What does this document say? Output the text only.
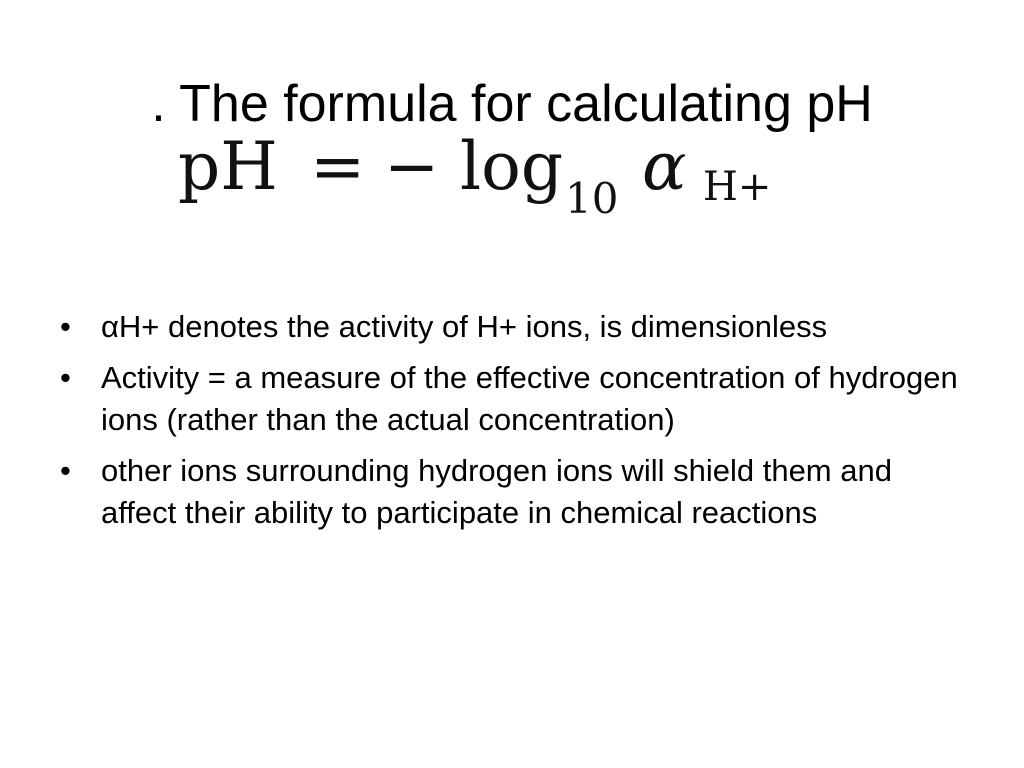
. The formula for calculating pH
pH = − log 10 α H+
• αH+ denotes the activity of H+ ions, is dimensionless
• Activity = a measure of the effective concentration of hydrogen ions (rather than the actual concentration)
• other ions surrounding hydrogen ions will shield them and affect their ability to participate in chemical reactions
